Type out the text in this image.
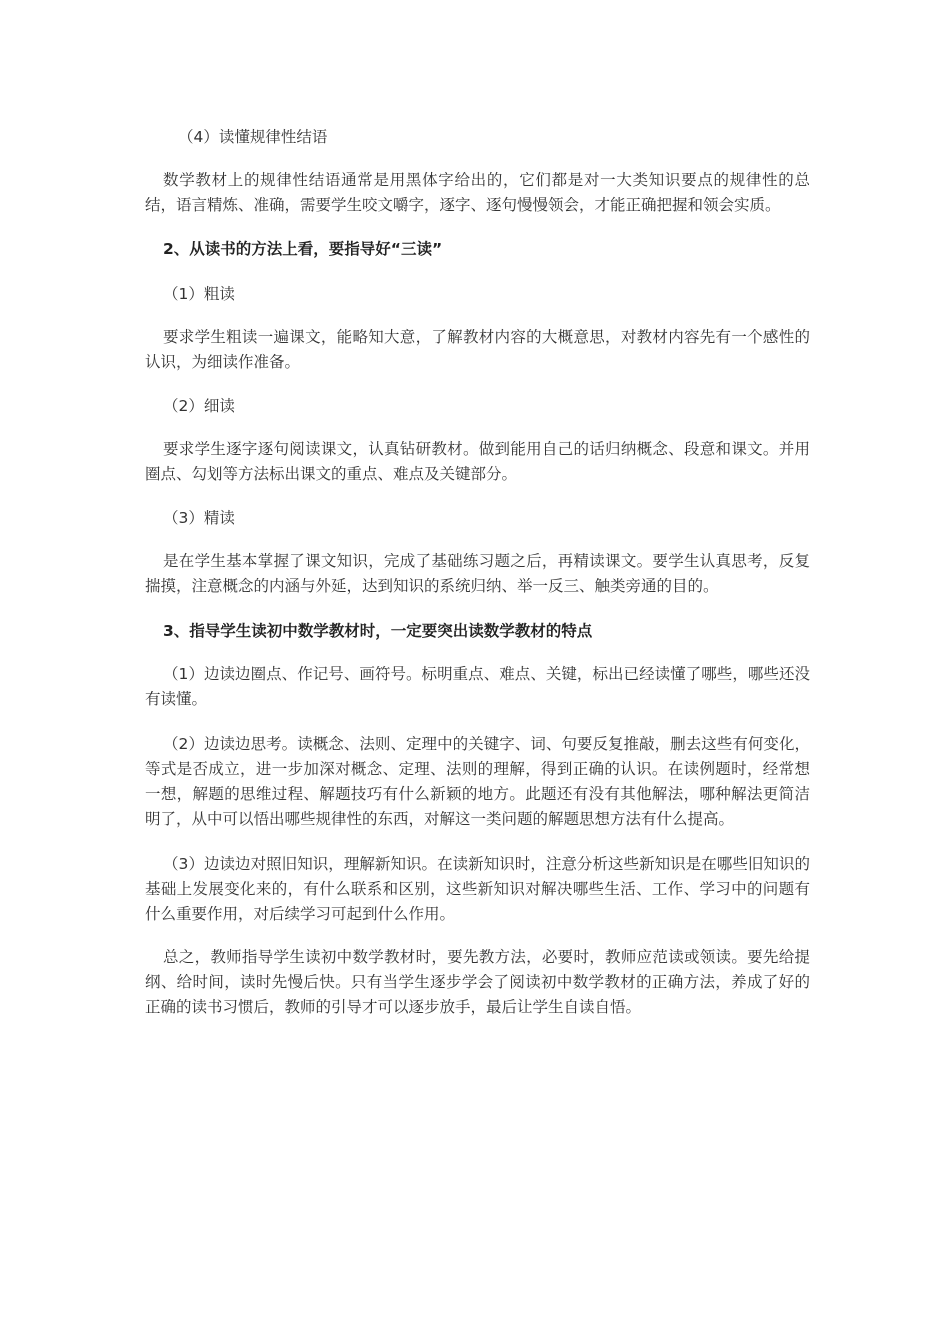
（4）读懂规律性结语

数学教材上的规律性结语通常是用黑体字给出的，它们都是对一大类知识要点的规律性的总结，语言精炼、准确，需要学生咬文嚼字，逐字、逐句慢慢领会，才能正确把握和领会实质。

2、从读书的方法上看，要指导好“三读”

（1）粗读

要求学生粗读一遍课文，能略知大意，了解教材内容的大概意思，对教材内容先有一个感性的认识，为细读作准备。

（2）细读

要求学生逐字逐句阅读课文，认真钻研教材。做到能用自己的话归纳概念、段意和课文。并用圈点、勾划等方法标出课文的重点、难点及关键部分。

（3）精读

是在学生基本掌握了课文知识，完成了基础练习题之后，再精读课文。要学生认真思考，反复揣摸，注意概念的内涵与外延，达到知识的系统归纳、举一反三、触类旁通的目的。

3、指导学生读初中数学教材时，一定要突出读数学教材的特点

（1）边读边圈点、作记号、画符号。标明重点、难点、关键，标出已经读懂了哪些，哪些还没有读懂。

（2）边读边思考。读概念、法则、定理中的关键字、词、句要反复推敲，删去这些有何变化，等式是否成立，进一步加深对概念、定理、法则的理解，得到正确的认识。在读例题时，经常想一想，解题的思维过程、解题技巧有什么新颖的地方。此题还有没有其他解法，哪种解法更简洁明了，从中可以悟出哪些规律性的东西，对解这一类问题的解题思想方法有什么提高。

（3）边读边对照旧知识，理解新知识。在读新知识时，注意分析这些新知识是在哪些旧知识的基础上发展变化来的，有什么联系和区别，这些新知识对解决哪些生活、工作、学习中的问题有什么重要作用，对后续学习可起到什么作用。

总之，教师指导学生读初中数学教材时，要先教方法，必要时，教师应范读或领读。要先给提纲、给时间，读时先慢后快。只有当学生逐步学会了阅读初中数学教材的正确方法，养成了好的正确的读书习惯后，教师的引导才可以逐步放手，最后让学生自读自悟。
